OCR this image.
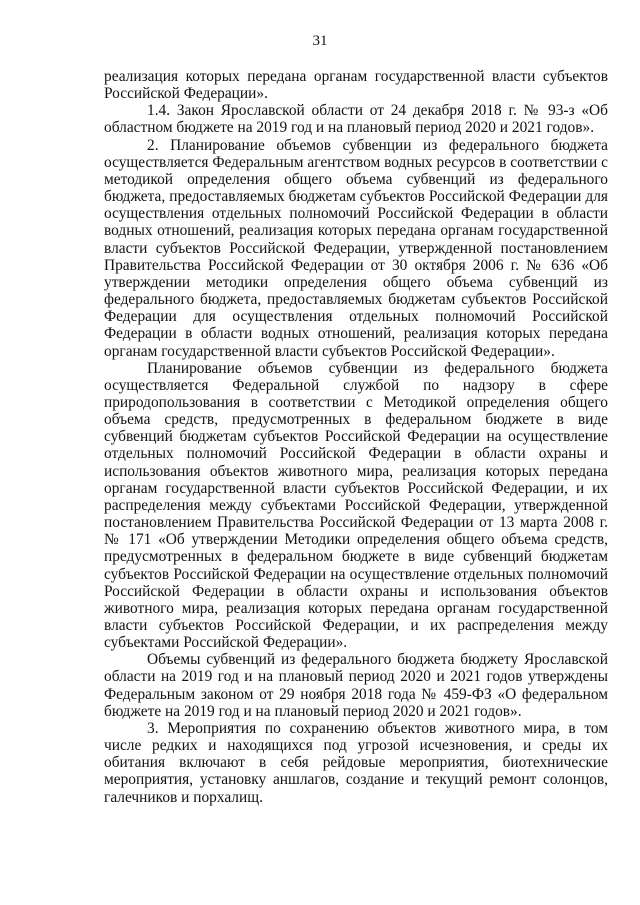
31

реализация которых передана органам государственной власти субъектов Российской Федерации».

1.4. Закон Ярославской области от 24 декабря 2018 г. № 93-з «Об областном бюджете на 2019 год и на плановый период 2020 и 2021 годов».

2. Планирование объемов субвенции из федерального бюджета осуществляется Федеральным агентством водных ресурсов в соответствии с методикой определения общего объема субвенций из федерального бюджета, предоставляемых бюджетам субъектов Российской Федерации для осуществления отдельных полномочий Российской Федерации в области водных отношений, реализация которых передана органам государственной власти субъектов Российской Федерации, утвержденной постановлением Правительства Российской Федерации от 30 октября 2006 г. № 636 «Об утверждении методики определения общего объема субвенций из федерального бюджета, предоставляемых бюджетам субъектов Российской Федерации для осуществления отдельных полномочий Российской Федерации в области водных отношений, реализация которых передана органам государственной власти субъектов Российской Федерации».

Планирование объемов субвенции из федерального бюджета осуществляется Федеральной службой по надзору в сфере природопользования в соответствии с Методикой определения общего объема средств, предусмотренных в федеральном бюджете в виде субвенций бюджетам субъектов Российской Федерации на осуществление отдельных полномочий Российской Федерации в области охраны и использования объектов животного мира, реализация которых передана органам государственной власти субъектов Российской Федерации, и их распределения между субъектами Российской Федерации, утвержденной постановлением Правительства Российской Федерации от 13 марта 2008 г. № 171 «Об утверждении Методики определения общего объема средств, предусмотренных в федеральном бюджете в виде субвенций бюджетам субъектов Российской Федерации на осуществление отдельных полномочий Российской Федерации в области охраны и использования объектов животного мира, реализация которых передана органам государственной власти субъектов Российской Федерации, и их распределения между субъектами Российской Федерации».

Объемы субвенций из федерального бюджета бюджету Ярославской области на 2019 год и на плановый период 2020 и 2021 годов утверждены Федеральным законом от 29 ноября 2018 года № 459-ФЗ «О федеральном бюджете на 2019 год и на плановый период 2020 и 2021 годов».

3. Мероприятия по сохранению объектов животного мира, в том числе редких и находящихся под угрозой исчезновения, и среды их обитания включают в себя рейдовые мероприятия, биотехнические мероприятия, установку аншлагов, создание и текущий ремонт солонцов, галечников и порхалищ.
